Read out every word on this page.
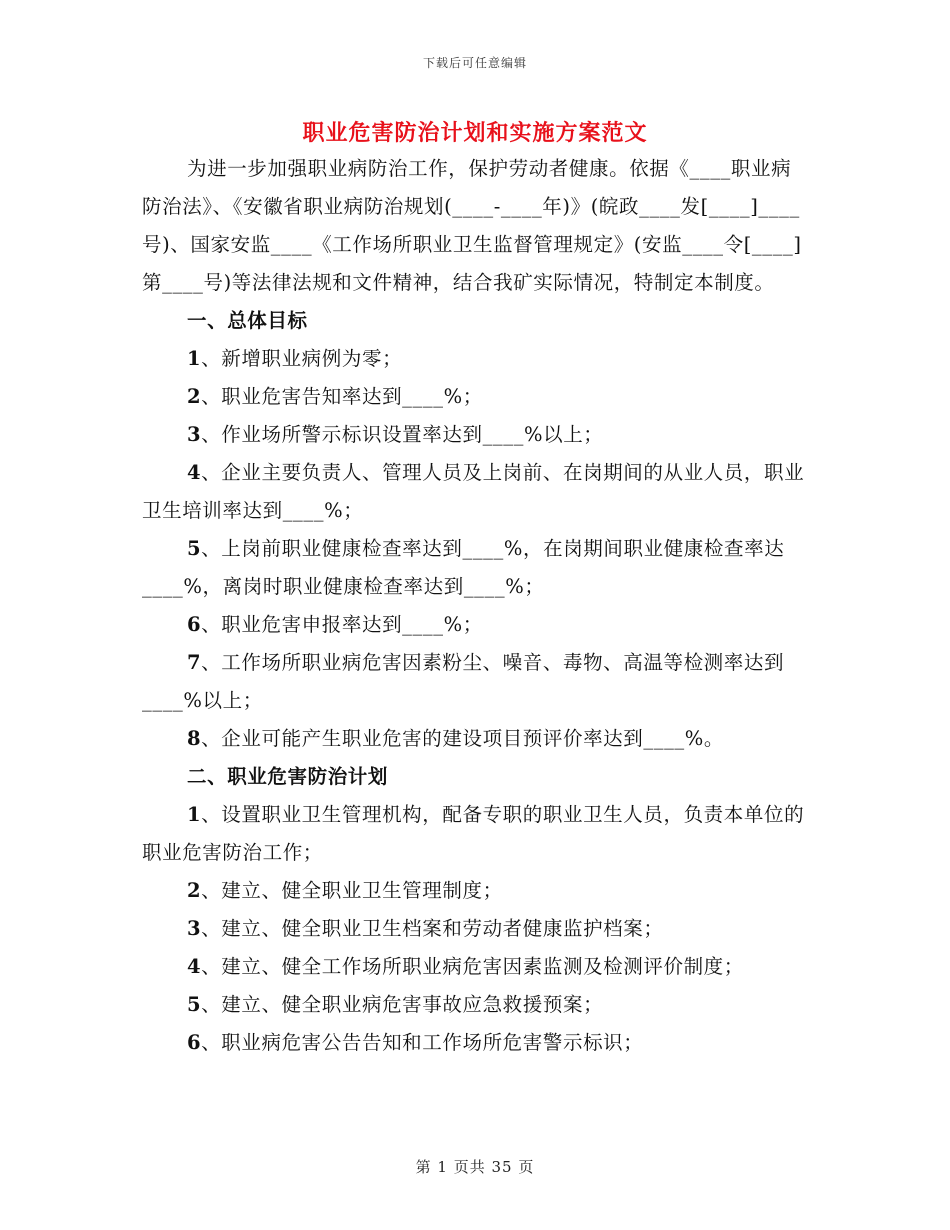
下载后可任意编辑
职业危害防治计划和实施方案范文

为进一步加强职业病防治工作，保护劳动者健康。依据《____职业病防治法》、《安徽省职业病防治规划(____-____年)》(皖政____发[____]____号)、国家安监____《工作场所职业卫生监督管理规定》(安监____令[____]第____号)等法律法规和文件精神，结合我矿实际情况，特制定本制度。

一、总体目标

1、新增职业病例为零；

2、职业危害告知率达到____%；

3、作业场所警示标识设置率达到____%以上；

4、企业主要负责人、管理人员及上岗前、在岗期间的从业人员，职业卫生培训率达到____%；

5、上岗前职业健康检查率达到____%，在岗期间职业健康检查率达____%，离岗时职业健康检查率达到____%；

6、职业危害申报率达到____%；

7、工作场所职业病危害因素粉尘、噪音、毒物、高温等检测率达到____%以上；

8、企业可能产生职业危害的建设项目预评价率达到____%。

二、职业危害防治计划

1、设置职业卫生管理机构，配备专职的职业卫生人员，负责本单位的职业危害防治工作；

2、建立、健全职业卫生管理制度；

3、建立、健全职业卫生档案和劳动者健康监护档案；

4、建立、健全工作场所职业病危害因素监测及检测评价制度；

5、建立、健全职业病危害事故应急救援预案；

6、职业病危害公告告知和工作场所危害警示标识；

第 1 页共 35 页
